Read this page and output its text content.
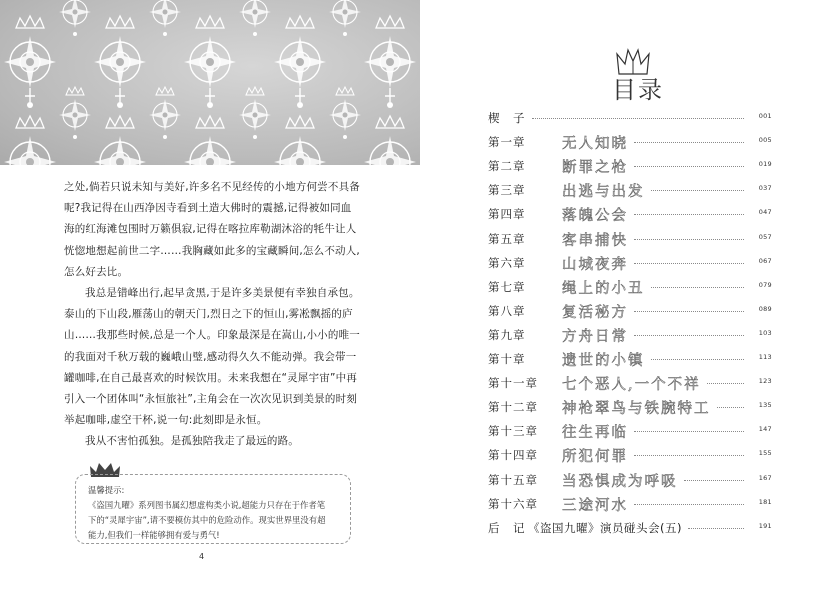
之处,倘若只说未知与美好,许多名不见经传的小地方何尝不具备呢?我记得在山西净因寺看到土造大佛时的震撼,记得被如同血海的红海滩包围时万籁俱寂,记得在喀拉库勒湖沐浴的牦牛让人恍惚地想起前世二字……我胸藏如此多的宝藏瞬间,怎么不动人,怎么好去比。

我总是错峰出行,起早贪黑,于是许多美景便有幸独自承包。泰山的下山段,雁荡山的朝天门,烈日之下的恒山,雾凇飘摇的庐山……我那些时候,总是一个人。印象最深是在嵩山,小小的唯一的我面对千秋万载的巍峨山璧,感动得久久不能动弹。我会带一罐咖啡,在自己最喜欢的时候饮用。未来我想在“灵犀宇宙”中再引入一个团体叫“永恒旅社”,主角会在一次次见识到美景的时刻举起咖啡,虚空干杯,说一句:此刻即是永恒。

我从不害怕孤独。是孤独陪我走了最远的路。

温馨提示:
《盗国九曜》系列图书属幻想虚构类小说,超能力只存在于作者笔
下的“灵犀宇宙”,请不要模仿其中的危险动作。现实世界里没有超
能力,但我们一样能够拥有爱与勇气!
4
目录
楔　子	001
第一章	无人知晓	005
第二章	断罪之枪	019
第三章	出逃与出发	037
第四章	落魄公会	047
第五章	客串捕快	057
第六章	山城夜奔	067
第七章	绳上的小丑	079
第八章	复活秘方	089
第九章	方舟日常	103
第十章	遗世的小镇	113
第十一章 七个恶人,一个不祥	123
第十二章 神枪翠鸟与铁腕特工	135
第十三章 往生再临	147
第十四章 所犯何罪	155
第十五章 当恐惧成为呼吸	167
第十六章 三途河水	181
后　记 《盗国九曜》演员碰头会(五)	191
